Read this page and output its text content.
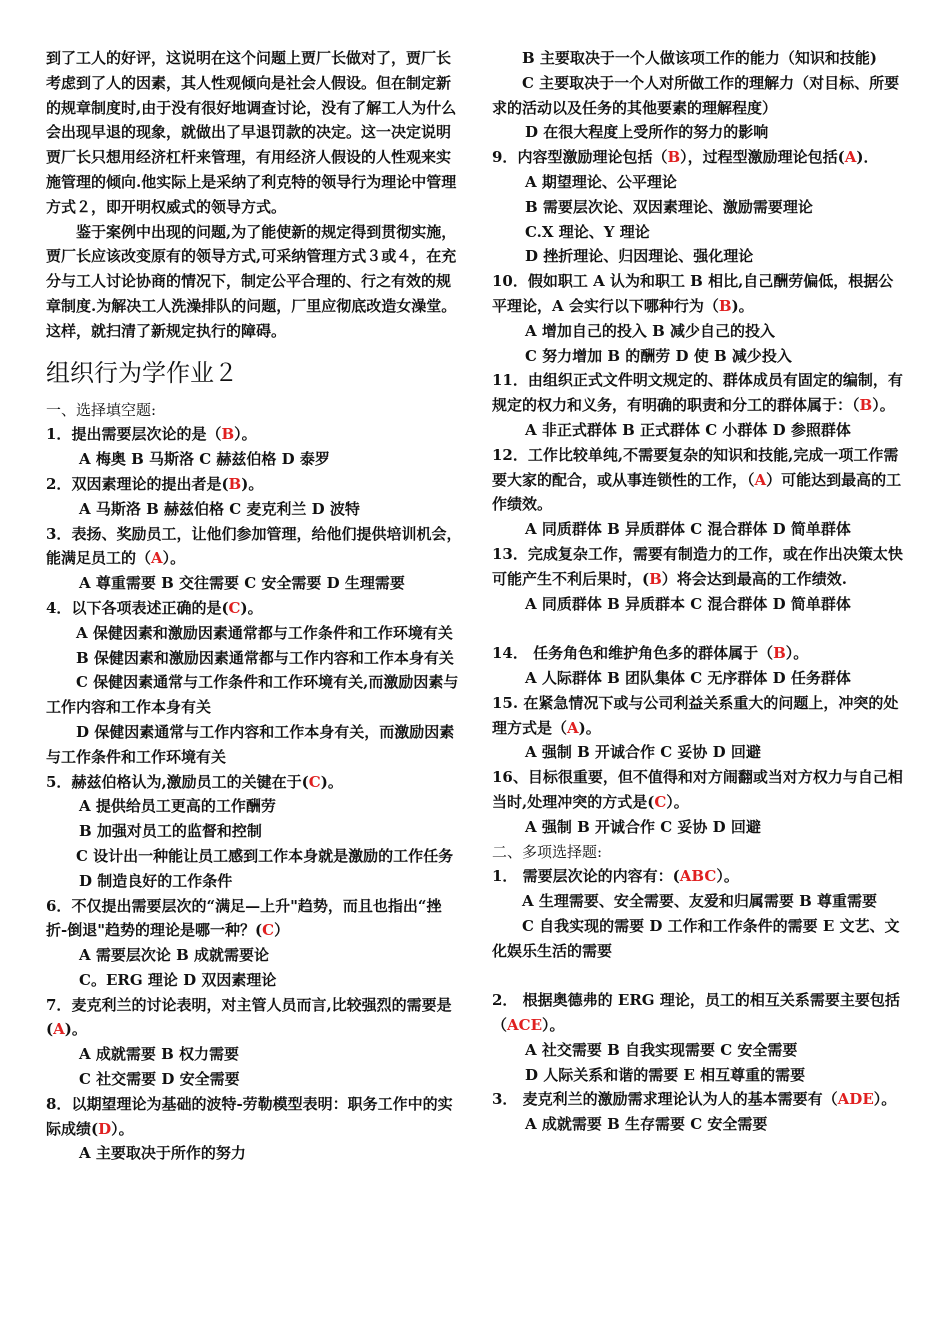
到了工人的好评，这说明在这个问题上贾厂长做对了，贾厂长考虑到了人的因素，其人性观倾向是社会人假设。但在制定新的规章制度时,由于没有很好地调查讨论，没有了解工人为什么会出现早退的现象，就做出了早退罚款的决定。这一决定说明贾厂长只想用经济杠杆来管理，有用经济人假设的人性观来实施管理的倾向.他实际上是采纳了利克特的领导行为理论中管理方式２，即开明权威式的领导方式。

鉴于案例中出现的问题,为了能使新的规定得到贯彻实施，贾厂长应该改变原有的领导方式,可采纳管理方式３或４，在充分与工人讨论协商的情况下，制定公平合理的、行之有效的规章制度.为解决工人洗澡排队的问题，厂里应彻底改造女澡堂。这样，就扫清了新规定执行的障碍。

组织行为学作业２

一、选择填空题:

1．提出需要层次论的是（B）。

A 梅奥 B 马斯洛 C 赫兹伯格 D 泰罗

2．双因素理论的提出者是(B)。

A 马斯洛 B 赫兹伯格 C 麦克利兰 D 波特

3．表扬、奖励员工，让他们参加管理，给他们提供培训机会，能满足员工的（A）。

A 尊重需要 B 交往需要 C 安全需要 D 生理需要

4．以下各项表述正确的是(C)。

A 保健因素和激励因素通常都与工作条件和工作环境有关

B 保健因素和激励因素通常都与工作内容和工作本身有关

C 保健因素通常与工作条件和工作环境有关,而激励因素与工作内容和工作本身有关

D 保健因素通常与工作内容和工作本身有关，而激励因素与工作条件和工作环境有关

5．赫兹伯格认为,激励员工的关键在于(C)。

A 提供给员工更高的工作酬劳

B 加强对员工的监督和控制

C 设计出一种能让员工感到工作本身就是激励的工作任务

D 制造良好的工作条件

6．不仅提出需要层次的“满足—上升"趋势，而且也指出“挫折-倒退"趋势的理论是哪一种？(C）

A 需要层次论 B 成就需要论

C。ERG 理论 D 双因素理论

7．麦克利兰的讨论表明，对主管人员而言,比较强烈的需要是(A)。

A 成就需要 B 权力需要

C 社交需要 D 安全需要

8．以期望理论为基础的波特-劳勒模型表明：职务工作中的实际成绩(D）。

A 主要取决于所作的努力

B 主要取决于一个人做该项工作的能力（知识和技能)

C 主要取决于一个人对所做工作的理解力（对目标、所要求的活动以及任务的其他要素的理解程度）

D 在很大程度上受所作的努力的影响

9．内容型激励理论包括（B），过程型激励理论包括(A)．

A 期望理论、公平理论

B 需要层次论、双因素理论、激励需要理论

C.X 理论、Y 理论

D 挫折理论、归因理论、强化理论

10．假如职工 A 认为和职工 B 相比,自己酬劳偏低，根据公平理论，A 会实行以下哪种行为（B)。

A 增加自己的投入 B 减少自己的投入

C 努力增加 B 的酬劳 D 使 B 减少投入

11．由组织正式文件明文规定的、群体成员有固定的编制，有规定的权力和义务，有明确的职责和分工的群体属于：（B）。

A 非正式群体 B 正式群体 C 小群体 D 参照群体

12．工作比较单纯,不需要复杂的知识和技能,完成一项工作需要大家的配合，或从事连锁性的工作，（A）可能达到最高的工作绩效。

A 同质群体 B 异质群体 C 混合群体 D 简单群体

13．完成复杂工作，需要有制造力的工作，或在作出决策太快可能产生不利后果时，(B）将会达到最高的工作绩效.

A 同质群体 B 异质群本 C 混合群体 D 简单群体

14． 任务角色和维护角色多的群体属于（B）。

A 人际群体 B 团队集体 C 无序群体 D 任务群体

15. 在紧急情况下或与公司利益关系重大的问题上，冲突的处理方式是（A)。

A 强制 B 开诚合作 C 妥协 D 回避

16、目标很重要，但不值得和对方闹翻或当对方权力与自己相当时,处理冲突的方式是(C）。

A 强制 B 开诚合作 C 妥协 D 回避

二、多项选择题:

1． 需要层次论的内容有：(ABC）。

A 生理需要、安全需要、友爱和归属需要 B 尊重需要

C 自我实现的需要 D 工作和工作条件的需要 E 文艺、文化娱乐生活的需要

2． 根据奥德弗的 ERG 理论，员工的相互关系需要主要包括（ACE）。

A 社交需要 B 自我实现需要 C 安全需要

D 人际关系和谐的需要 E 相互尊重的需要

3． 麦克利兰的激励需求理论认为人的基本需要有（ADE）。

A 成就需要 B 生存需要 C 安全需要
